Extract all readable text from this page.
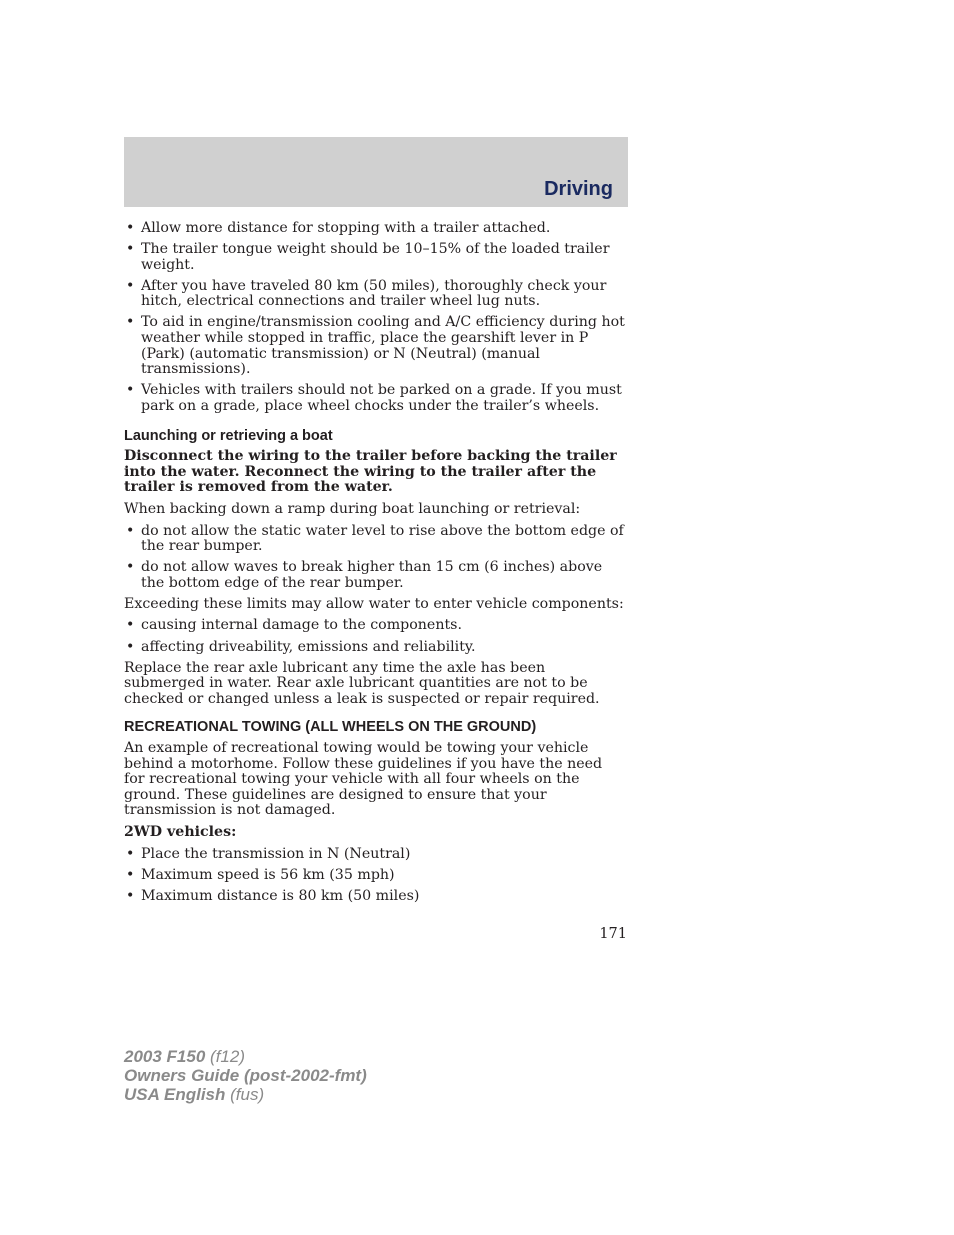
Driving
• Allow more distance for stopping with a trailer attached.
• The trailer tongue weight should be 10–15% of the loaded trailer weight.
• After you have traveled 80 km (50 miles), thoroughly check your hitch, electrical connections and trailer wheel lug nuts.
• To aid in engine/transmission cooling and A/C efficiency during hot weather while stopped in traffic, place the gearshift lever in P (Park) (automatic transmission) or N (Neutral) (manual transmissions).
• Vehicles with trailers should not be parked on a grade. If you must park on a grade, place wheel chocks under the trailer’s wheels.
Launching or retrieving a boat

Disconnect the wiring to the trailer before backing the trailer into the water. Reconnect the wiring to the trailer after the trailer is removed from the water.

When backing down a ramp during boat launching or retrieval:

• do not allow the static water level to rise above the bottom edge of the rear bumper.
• do not allow waves to break higher than 15 cm (6 inches) above the bottom edge of the rear bumper.

Exceeding these limits may allow water to enter vehicle components:

• causing internal damage to the components.
• affecting driveability, emissions and reliability.

Replace the rear axle lubricant any time the axle has been submerged in water. Rear axle lubricant quantities are not to be checked or changed unless a leak is suspected or repair required.

RECREATIONAL TOWING (ALL WHEELS ON THE GROUND)

An example of recreational towing would be towing your vehicle behind a motorhome. Follow these guidelines if you have the need for recreational towing your vehicle with all four wheels on the ground. These guidelines are designed to ensure that your transmission is not damaged.

2WD vehicles:

• Place the transmission in N (Neutral)
• Maximum speed is 56 km (35 mph)
• Maximum distance is 80 km (50 miles)
171
2003 F150 (f12)
Owners Guide (post-2002-fmt)
USA English (fus)
